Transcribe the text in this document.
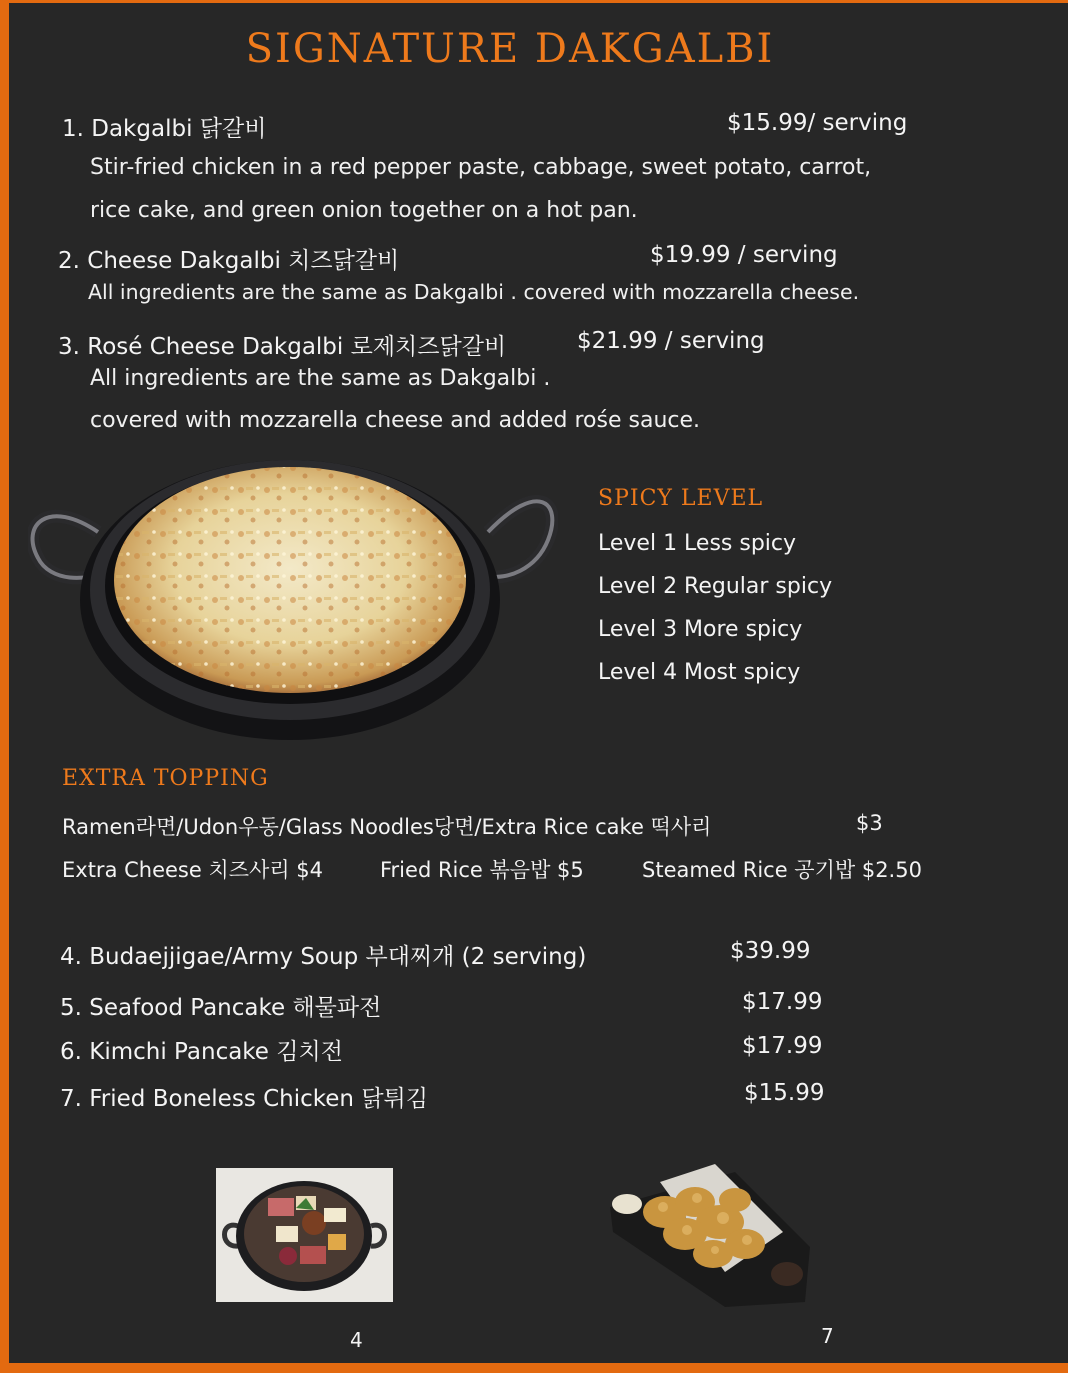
SIGNATURE DAKGALBI
1. Dakgalbi 닭갈비	$15.99/ serving
Stir-fried chicken in a red pepper paste, cabbage, sweet potato, carrot,
rice cake, and green onion together on a hot pan.
2. Cheese Dakgalbi 치즈닭갈비	$19.99 / serving
All ingredients are the same as Dakgalbi . covered with mozzarella cheese.
3. Rosé Cheese Dakgalbi 로제치즈닭갈비	$21.99 / serving
All ingredients are the same as Dakgalbi .
covered with mozzarella cheese and added rośe sauce.
SPICY LEVEL
Level 1 Less spicy
Level 2 Regular spicy
Level 3 More spicy
Level 4 Most spicy
EXTRA TOPPING
Ramen라면/Udon우동/Glass Noodles당면/Extra Rice cake 떡사리	$3
Extra Cheese 치즈사리 $4	Fried Rice 볶음밥 $5	Steamed Rice 공기밥 $2.50
4. Budaejjigae/Army Soup 부대찌개 (2 serving)	$39.99
5. Seafood Pancake 해물파전	$17.99
6. Kimchi Pancake 김치전	$17.99
7. Fried Boneless Chicken 닭튀김	$15.99
4	7
